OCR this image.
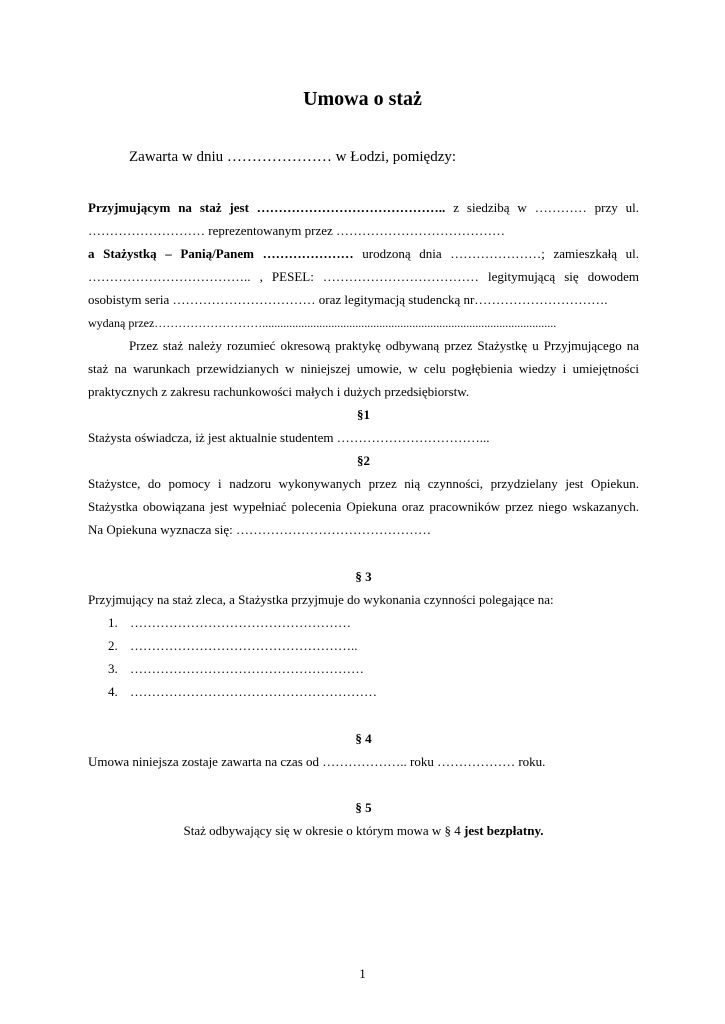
Umowa o staż
Zawarta w dniu ………………… w Łodzi, pomiędzy:
Przyjmującym na staż jest …………………………………….. z siedzibą w ………… przy ul.
……………………… reprezentowanym przez …………………………………
a Stażystką – Panią/Panem ………………… urodzoną dnia …………………; zamieszkałą ul.
……………………………….. , PESEL: ……………………………… legitymującą się dowodem
osobistym seria …………………………… oraz legitymacją studencką nr………………………….
wydaną przez………………………..................................................................................................
Przez staż należy rozumieć okresową praktykę odbywaną przez Stażystkę u Przyjmującego na
staż na warunkach przewidzianych w niniejszej umowie, w celu pogłębienia wiedzy i umiejętności
praktycznych z zakresu rachunkowości małych i dużych przedsiębiorstw.
§1
Stażysta oświadcza, iż jest aktualnie studentem ……………………………...
§2
Stażystce, do pomocy i nadzoru wykonywanych przez nią czynności, przydzielany jest Opiekun.
Stażystka obowiązana jest wypełniać polecenia Opiekuna oraz pracowników przez niego wskazanych.
Na Opiekuna wyznacza się: ………………………………………
§ 3
Przyjmujący na staż zleca, a Stażystka przyjmuje do wykonania czynności polegające na:
1. ……………………………………………
2. ……………………………………………..
3. ………………………………………………
4. …………………………………………………
§ 4
Umowa niniejsza zostaje zawarta na czas od ……………….. roku ……………… roku.
§ 5
Staż odbywający się w okresie o którym mowa w § 4 jest bezpłatny.
1
